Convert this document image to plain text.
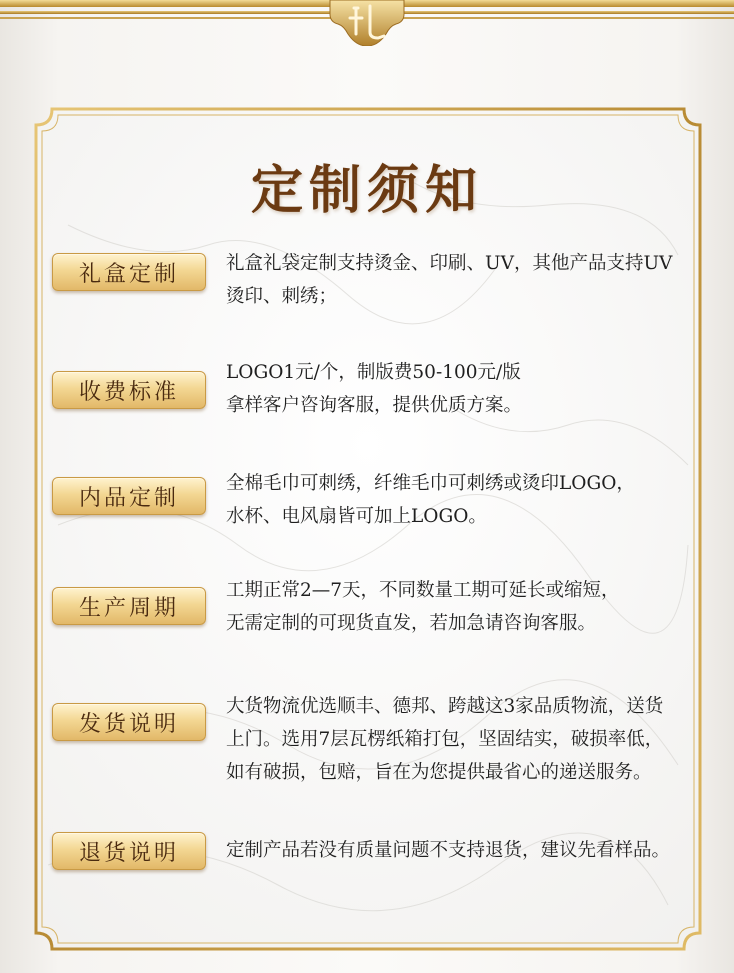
定制须知
礼盒定制	礼盒礼袋定制支持烫金、印刷、UV，其他产品支持UV

烫印、刺绣；

收费标准

LOGO1元/个，制版费50-100元/版

拿样客户咨询客服，提供优质方案。

内品定制

全棉毛巾可刺绣，纤维毛巾可刺绣或烫印LOGO，

水杯、电风扇皆可加上LOGO。

生产周期

工期正常2—7天，不同数量工期可延长或缩短，

无需定制的可现货直发，若加急请咨询客服。

发货说明

大货物流优选顺丰、德邦、跨越这3家品质物流，送货

上门。选用7层瓦楞纸箱打包，坚固结实，破损率低，

如有破损，包赔，旨在为您提供最省心的递送服务。

退货说明	定制产品若没有质量问题不支持退货，建议先看样品。
